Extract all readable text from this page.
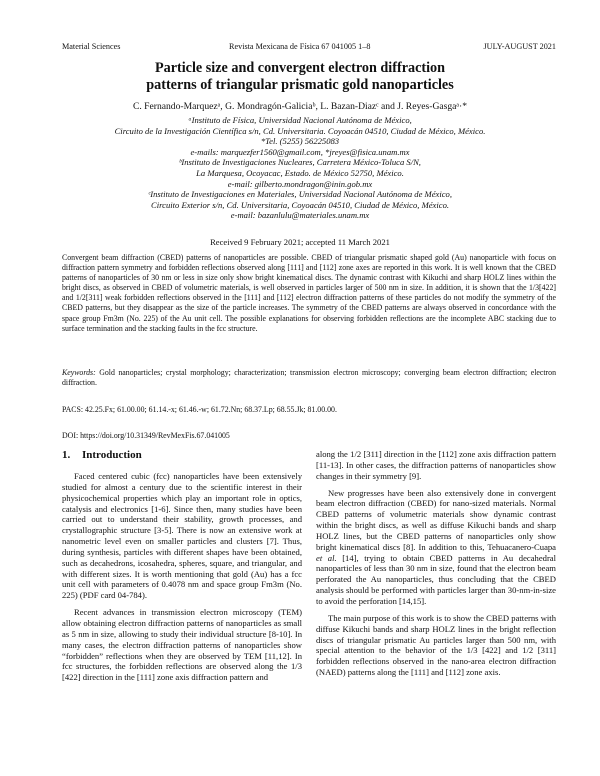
Material Sciences	Revista Mexicana de Física 67 041005 1–8	JULY-AUGUST 2021
Particle size and convergent electron diffraction
patterns of triangular prismatic gold nanoparticles
C. Fernando-Marquezᵃ, G. Mondragón-Galiciaᵇ, L. Bazan-Diazᶜ and J. Reyes-Gasgaᵃ·*
ᵃInstituto de Física, Universidad Nacional Autónoma de México,
Circuito de la Investigación Científica s/n, Cd. Universitaria. Coyoacán 04510, Ciudad de México, México.
*Tel. (5255) 56225083
e-mails: marquezfer1560@gmail.com, *jreyes@fisica.unam.mx
ᵇInstituto de Investigaciones Nucleares, Carretera México-Toluca S/N,
La Marquesa, Ocoyacac, Estado. de México 52750, México.
e-mail: gilberto.mondragon@inin.gob.mx
ᶜInstituto de Investigaciones en Materiales, Universidad Nacional Autónoma de México,
Circuito Exterior s/n, Cd. Universitaria, Coyoacán 04510, Ciudad de México, México.
e-mail: bazanlulu@materiales.unam.mx
Received 9 February 2021; accepted 11 March 2021
Convergent beam diffraction (CBED) patterns of nanoparticles are possible. CBED of triangular prismatic shaped gold (Au) nanoparticle with focus on diffraction pattern symmetry and forbidden reflections observed along [111] and [112] zone axes are reported in this work. It is well known that the CBED patterns of nanoparticles of 30 nm or less in size only show bright kinematical discs. The dynamic contrast with Kikuchi and sharp HOLZ lines within the bright discs, as observed in CBED of volumetric materials, is well observed in particles larger of 500 nm in size. In addition, it is shown that the 1/3[422] and 1/2[311] weak forbidden reflections observed in the [111] and [112] electron diffraction patterns of these particles do not modify the symmetry of the CBED patterns, but they disappear as the size of the particle increases. The symmetry of the CBED patterns are always observed in concordance with the space group Fm3m (No. 225) of the Au unit cell. The possible explanations for observing forbidden reflections are the incomplete ABC stacking due to surface termination and the stacking faults in the fcc structure.
Keywords: Gold nanoparticles; crystal morphology; characterization; transmission electron microscopy; converging beam electron diffraction; electron diffraction.
PACS: 42.25.Fx; 61.00.00; 61.14.-x; 61.46.-w; 61.72.Nn; 68.37.Lp; 68.55.Jk; 81.00.00.
DOI: https://doi.org/10.31349/RevMexFis.67.041005
1. Introduction

Faced centered cubic (fcc) nanoparticles have been extensively studied for almost a century due to the scientific interest in their physicochemical properties which play an important role in optics, catalysis and electronics [1-6]. Since then, many studies have been carried out to understand their stability, growth processes, and crystallographic structure [3-5]. There is now an extensive work at nanometric level even on smaller particles and clusters [7]. Thus, during synthesis, particles with different shapes have been obtained, such as decahedrons, icosahedra, spheres, square, and triangular, and with different sizes. It is worth mentioning that gold (Au) has a fcc unit cell with parameters of 0.4078 nm and space group Fm3m (No. 225) (PDF card 04-784).

Recent advances in transmission electron microscopy (TEM) allow obtaining electron diffraction patterns of nanoparticles as small as 5 nm in size, allowing to study their individual structure [8-10]. In many cases, the electron diffraction patterns of nanoparticles show “forbidden” reflections when they are observed by TEM [11,12]. In fcc structures, the forbidden reflections are observed along the 1/3 [422] direction in the [111] zone axis diffraction pattern and

along the 1/2 [311] direction in the [112] zone axis diffraction pattern [11-13]. In other cases, the diffraction patterns of nanoparticles show changes in their symmetry [9].

New progresses have been also extensively done in convergent beam electron diffraction (CBED) for nano-sized materials. Normal CBED patterns of volumetric materials show dynamic contrast within the bright discs, as well as diffuse Kikuchi bands and sharp HOLZ lines, but the CBED patterns of nanoparticles only show bright kinematical discs [8]. In addition to this, Tehuacanero-Cuapa et al. [14], trying to obtain CBED patterns in Au decahedral nanoparticles of less than 30 nm in size, found that the electron beam perforated the Au nanoparticles, thus concluding that the CBED analysis should be performed with particles larger than 30-nm-in-size to avoid the perforation [14,15].

The main purpose of this work is to show the CBED patterns with diffuse Kikuchi bands and sharp HOLZ lines in the bright reflection discs of triangular prismatic Au particles larger than 500 nm, with special attention to the behavior of the 1/3 [422] and 1/2 [311] forbidden reflections observed in the nano-area electron diffraction (NAED) patterns along the [111] and [112] zone axis.
